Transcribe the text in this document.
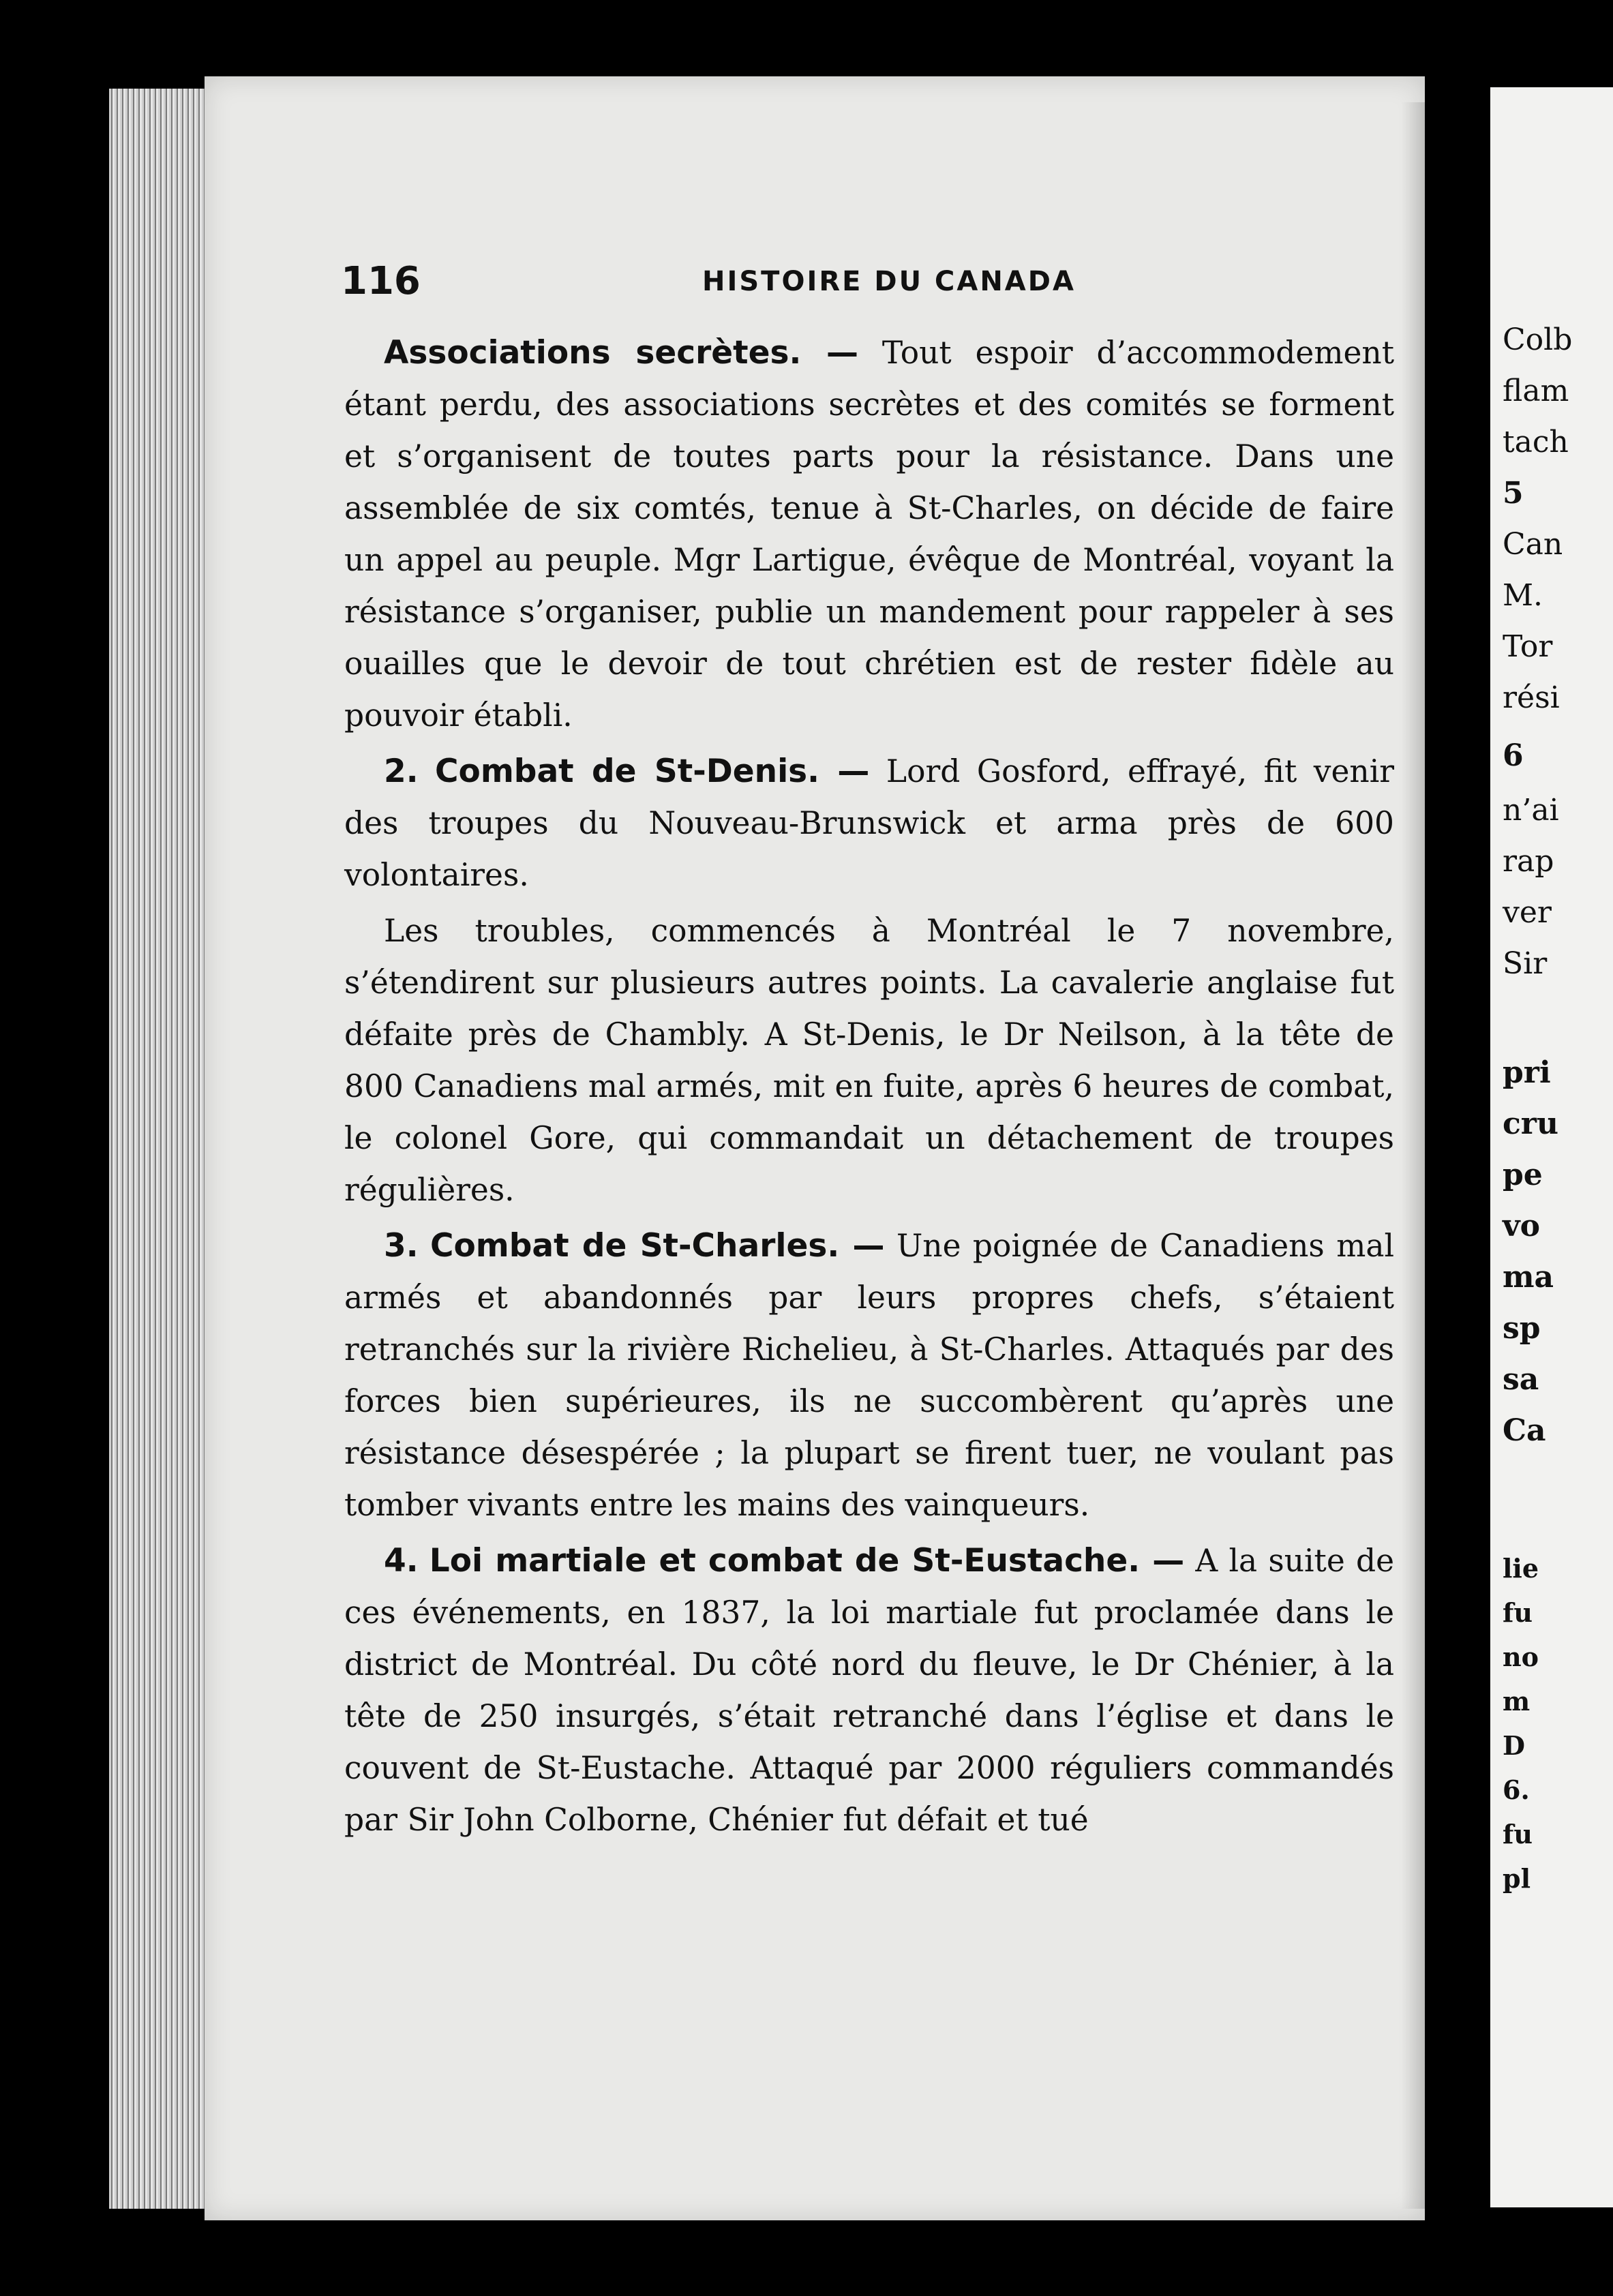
116	HISTOIRE DU CANADA

Associations secrètes. — Tout espoir d’accommodement étant perdu, des associations secrètes et des comités se forment et s’organisent de toutes parts pour la résistance. Dans une assemblée de six comtés, tenue à St-Charles, on décide de faire un appel au peuple. Mgr Lartigue, évêque de Montréal, voyant la résistance s’organiser, publie un mandement pour rappeler à ses ouailles que le devoir de tout chrétien est de rester fidèle au pouvoir établi.

2. Combat de St-Denis. — Lord Gosford, effrayé, fit venir des troupes du Nouveau-Brunswick et arma près de 600 volontaires.

Les troubles, commencés à Montréal le 7 novembre, s’étendirent sur plusieurs autres points. La cavalerie anglaise fut défaite près de Chambly. A St-Denis, le Dr Neilson, à la tête de 800 Canadiens mal armés, mit en fuite, après 6 heures de combat, le colonel Gore, qui commandait un détachement de troupes régulières.

3. Combat de St-Charles. — Une poignée de Canadiens mal armés et abandonnés par leurs propres chefs, s’étaient retranchés sur la rivière Richelieu, à St-Charles. Attaqués par des forces bien supérieures, ils ne succombèrent qu’après une résistance désespérée ; la plupart se firent tuer, ne voulant pas tomber vivants entre les mains des vainqueurs.

4. Loi martiale et combat de St-Eustache. — A la suite de ces événements, en 1837, la loi martiale fut proclamée dans le district de Montréal. Du côté nord du fleuve, le Dr Chénier, à la tête de 250 insurgés, s’était retranché dans l’église et dans le couvent de St-Eustache. Attaqué par 2000 réguliers commandés par Sir John Colborne, Chénier fut défait et tué

Colb
flam
tach
5
Can
M.
Tor
rési
6
n’ai
rap
ver
Sir
pri
cru
pe
vo
ma
sp
sa
Ca
lie
fu
no
m
D
6.
fu
pl
